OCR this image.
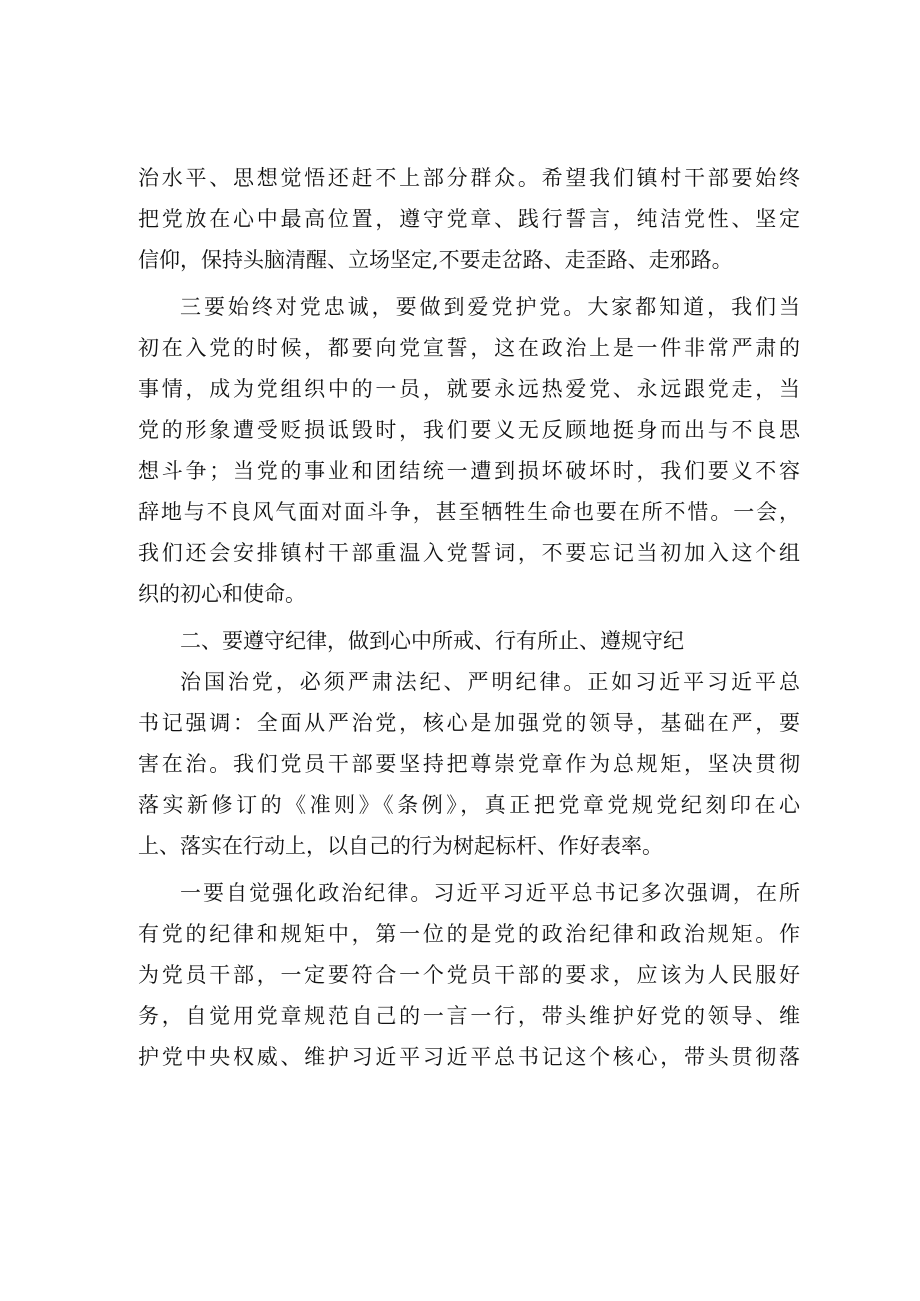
治水平、思想觉悟还赶不上部分群众。希望我们镇村干部要始终
把党放在心中最高位置，遵守党章、践行誓言，纯洁党性、坚定
信仰，保持头脑清醒、立场坚定,不要走岔路、走歪路、走邪路。
三要始终对党忠诚，要做到爱党护党。大家都知道，我们当
初在入党的时候，都要向党宣誓，这在政治上是一件非常严肃的
事情，成为党组织中的一员，就要永远热爱党、永远跟党走，当
党的形象遭受贬损诋毁时，我们要义无反顾地挺身而出与不良思
想斗争；当党的事业和团结统一遭到损坏破坏时，我们要义不容
辞地与不良风气面对面斗争，甚至牺牲生命也要在所不惜。一会，
我们还会安排镇村干部重温入党誓词，不要忘记当初加入这个组
织的初心和使命。
二、要遵守纪律，做到心中所戒、行有所止、遵规守纪
治国治党，必须严肃法纪、严明纪律。正如习近平习近平总
书记强调：全面从严治党，核心是加强党的领导，基础在严，要
害在治。我们党员干部要坚持把尊崇党章作为总规矩，坚决贯彻
落实新修订的《准则》《条例》，真正把党章党规党纪刻印在心
上、落实在行动上，以自己的行为树起标杆、作好表率。
一要自觉强化政治纪律。习近平习近平总书记多次强调，在所
有党的纪律和规矩中，第一位的是党的政治纪律和政治规矩。作
为党员干部，一定要符合一个党员干部的要求，应该为人民服好
务，自觉用党章规范自己的一言一行，带头维护好党的领导、维
护党中央权威、维护习近平习近平总书记这个核心，带头贯彻落
